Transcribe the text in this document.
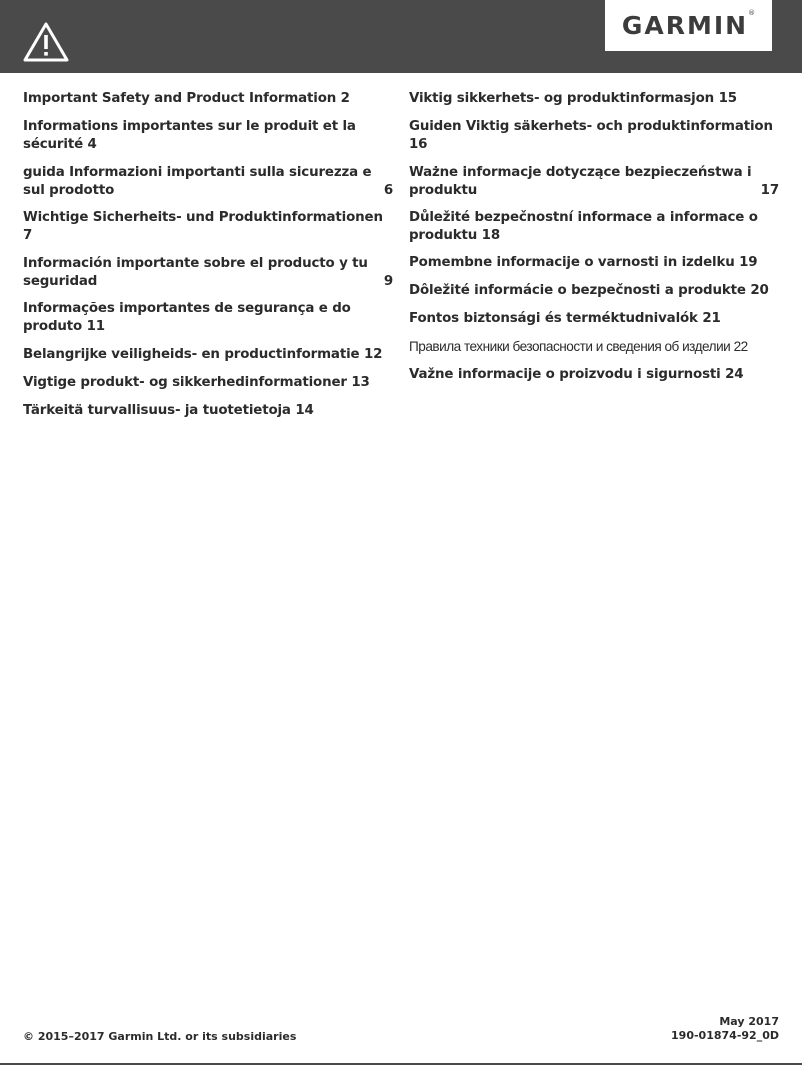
GARMIN®
Important Safety and Product Information 2
Informations importantes sur le produit et la sécurité 4
guida Informazioni importanti sulla sicurezza e sul prodotto	6
Wichtige Sicherheits- und Produktinformationen 7
Información importante sobre el producto y tu seguridad	9
Informações importantes de segurança e do produto 11
Belangrijke veiligheids- en productinformatie 12
Vigtige produkt- og sikkerhedinformationer 13
Tärkeitä turvallisuus- ja tuotetietoja 14
Viktig sikkerhets- og produktinformasjon 15
Guiden Viktig säkerhets- och produktinformation 16
Ważne informacje dotyczące bezpieczeństwa i produktu	17
Důležité bezpečnostní informace a informace o produktu 18
Pomembne informacije o varnosti in izdelku 19
Dôležité informácie o bezpečnosti a produkte 20
Fontos biztonsági és terméktudnivalók 21
Правила техники безопасности и сведения об изделии 22
Važne informacije o proizvodu i sigurnosti 24
© 2015–2017 Garmin Ltd. or its subsidiaries
May 2017
190-01874-92_0D
